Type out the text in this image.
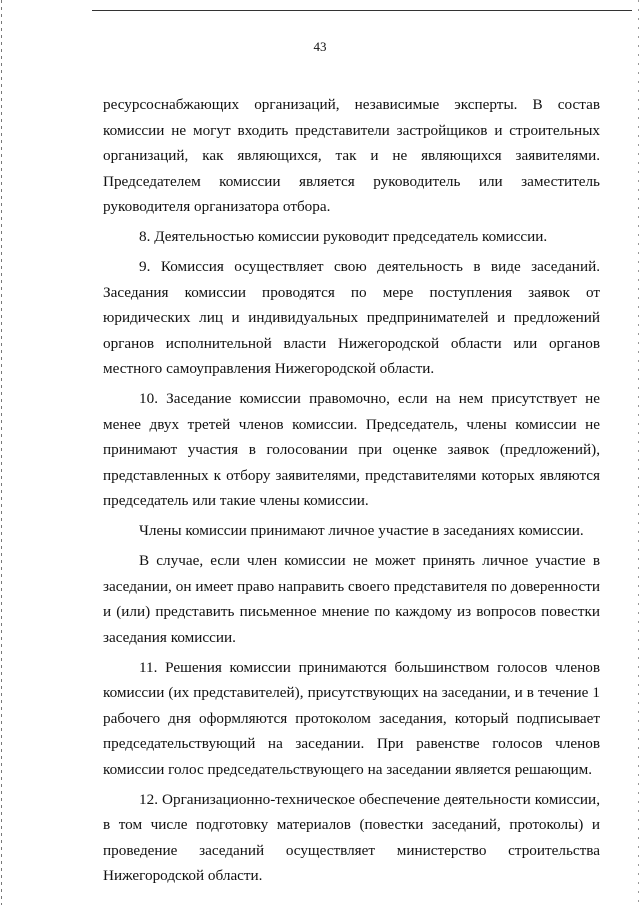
43

ресурсоснабжающих организаций, независимые эксперты. В состав комиссии не могут входить представители застройщиков и строительных организаций, как являющихся, так и не являющихся заявителями. Председателем комиссии является руководитель или заместитель руководителя организатора отбора.

8. Деятельностью комиссии руководит председатель комиссии.

9. Комиссия осуществляет свою деятельность в виде заседаний. Заседания комиссии проводятся по мере поступления заявок от юридических лиц и индивидуальных предпринимателей и предложений органов исполнительной власти Нижегородской области или органов местного самоуправления Нижегородской области.

10. Заседание комиссии правомочно, если на нем присутствует не менее двух третей членов комиссии. Председатель, члены комиссии не принимают участия в голосовании при оценке заявок (предложений), представленных к отбору заявителями, представителями которых являются председатель или такие члены комиссии.

Члены комиссии принимают личное участие в заседаниях комиссии.

В случае, если член комиссии не может принять личное участие в заседании, он имеет право направить своего представителя по доверенности и (или) представить письменное мнение по каждому из вопросов повестки заседания комиссии.

11. Решения комиссии принимаются большинством голосов членов комиссии (их представителей), присутствующих на заседании, и в течение 1 рабочего дня оформляются протоколом заседания, который подписывает председательствующий на заседании. При равенстве голосов членов комиссии голос председательствующего на заседании является решающим.

12. Организационно-техническое обеспечение деятельности комиссии, в том числе подготовку материалов (повестки заседаний, протоколы) и проведение заседаний осуществляет министерство строительства Нижегородской области.
